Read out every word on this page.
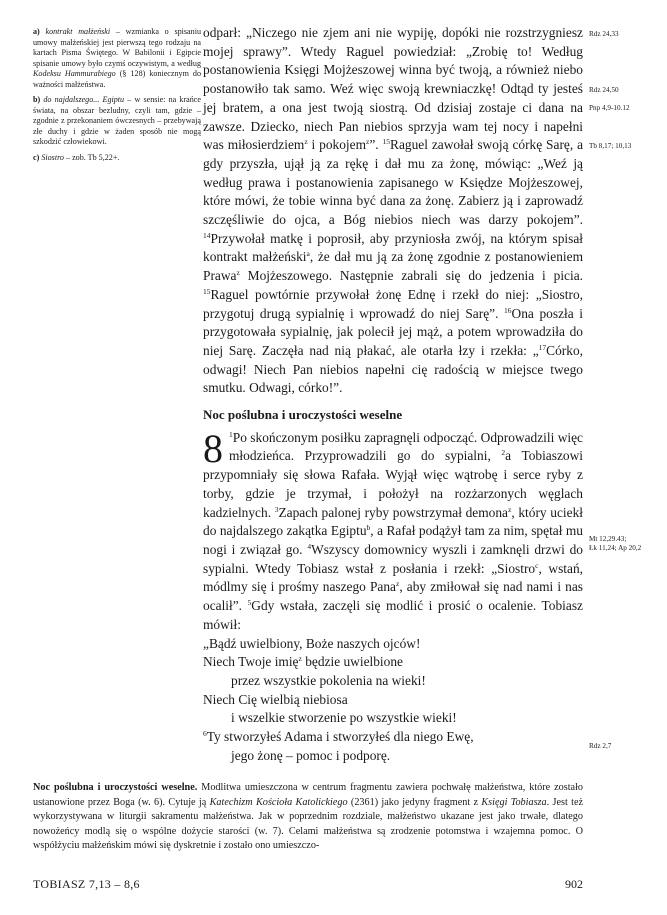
a) kontrakt małżeński – wzmianka o spisaniu umowy małżeńskiej jest pierwszą tego rodzaju na kartach Pisma Świętego. W Babilonii i Egipcie spisanie umowy było czymś oczywistym, a według Kodeksu Hammurabiego (§ 128) koniecznym do ważności małżeństwa.

b) do najdalszego... Egiptu – w sensie: na krańce świata, na obszar bezludny, czyli tam, gdzie – zgodnie z przekonaniem ówczesnych – przebywają złe duchy i gdzie w żaden sposób nie mogą szkodzić człowiekowi.

c) Siostro – zob. Tb 5,22+.

odparł: „Niczego nie zjem ani nie wypiję, dopóki nie rozstrzygniesz mojej sprawy”. Wtedy Raguel powiedział: „Zrobię to! Według postanowienia Księgi Mojżeszowej winna być twoją, a również niebo postanowiło tak samo. Weź więc swoją krewniaczkę! Odtąd ty jesteś jej bratem, a ona jest twoją siostrą. Od dzisiaj zostaje ci dana na zawsze. Dziecko, niech Pan niebios sprzyja wam tej nocy i napełni was miłosierdziem$^z$ i pokojem$^z$”. $^{15}$Raguel zawołał swoją córkę Sarę, a gdy przyszła, ujął ją za rękę i dał mu za żonę, mówiąc: „Weź ją według prawa i postanowienia zapisanego w Księdze Mojżeszowej, które mówi, że tobie winna być dana za żonę. Zabierz ją i zaprowadź szczęśliwie do ojca, a Bóg niebios niech was darzy pokojem”. $^{14}$Przywołał matkę i poprosił, aby przyniosła zwój, na którym spisał kontrakt małżeński$^a$, że dał mu ją za żonę zgodnie z postanowieniem Prawa$^z$ Mojżeszowego. Następnie zabrali się do jedzenia i picia. $^{15}$Raguel powtórnie przywołał żonę Ednę i rzekł do niej: „Siostro, przygotuj drugą sypialnię i wprowadź do niej Sarę”. $^{16}$Ona poszła i przygotowała sypialnię, jak polecił jej mąż, a potem wprowadziła do niej Sarę. Zaczęła nad nią płakać, ale otarła łzy i rzekła: „$^{17}$Córko, odwagi! Niech Pan niebios napełni cię radością w miejsce twego smutku. Odwagi, córko!”.

Noc poślubna i uroczystości weselne

8 $^1$Po skończonym posiłku zapragnęli odpocząć. Odprowadzili więc młodzieńca. Przyprowadzili go do sypialni, $^2$a Tobiaszowi przypomniały się słowa Rafała. Wyjął więc wątrobę i serce ryby z torby, gdzie je trzymał, i położył na rozżarzonych węglach kadzielnych. $^3$Zapach palonej ryby powstrzymał demona$^z$, który uciekł do najdalszego zakątka Egiptu$^b$, a Rafał podążył tam za nim, spętał mu nogi i związał go. $^4$Wszyscy domownicy wyszli i zamknęli drzwi do sypialni. Wtedy Tobiasz wstał z posłania i rzekł: „Siostro$^c$, wstań, módlmy się i prośmy naszego Pana$^z$, aby zmiłował się nad nami i nas ocalił”. $^5$Gdy wstała, zaczęli się modlić i prosić o ocalenie. Tobiasz mówił:

„Bądź uwielbiony, Boże naszych ojców!
Niech Twoje imię$^z$ będzie uwielbione
przez wszystkie pokolenia na wieki!
Niech Cię wielbią niebiosa
i wszelkie stworzenie po wszystkie wieki!
$^6$Ty stworzyłeś Adama i stworzyłeś dla niego Ewę,
jego żonę – pomoc i podporę.
Rdz 24,33
Rdz 24,50
Pnp 4,9-10.12
Tb 8,17; 10,13
Mt 12,29.43;
Łk 11,24; Ap 20,2
Rdz 2,7
Noc poślubna i uroczystości weselne. Modlitwa umieszczona w centrum fragmentu zawiera pochwałę małżeństwa, które zostało ustanowione przez Boga (w. 6). Cytuje ją Katechizm Kościoła Katolickiego (2361) jako jedyny fragment z Księgi Tobiasza. Jest też wykorzystywana w liturgii sakramentu małżeństwa. Jak w poprzednim rozdziale, małżeństwo ukazane jest jako trwałe, dlatego nowożeńcy modlą się o wspólne dożycie starości (w. 7). Celami małżeństwa są zrodzenie potomstwa i wzajemna pomoc. O współżyciu małżeńskim mówi się dyskretnie i zostało ono umieszczo-
TOBIASZ 7,13 – 8,6	902
